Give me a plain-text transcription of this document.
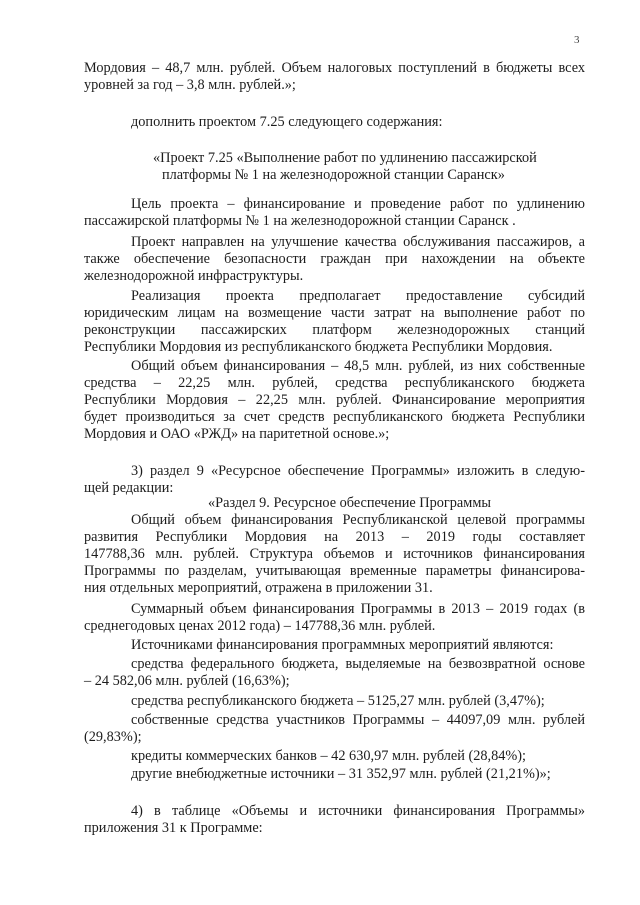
3

Мордовия – 48,7 млн. рублей. Объем налоговых поступлений в бюджеты всех

уровней за год – 3,8 млн. рублей.»;

дополнить проектом 7.25 следующего содержания:

«Проект 7.25 «Выполнение работ по удлинению пассажирской

платформы № 1 на железнодорожной станции Саранск»

Цель проекта – финансирование и проведение работ по удлинению

пассажирской платформы № 1 на железнодорожной станции Саранск .

Проект направлен на улучшение качества обслуживания пассажиров, а

также обеспечение безопасности граждан при нахождении на объекте

железнодорожной инфраструктуры.

Реализация проекта предполагает предоставление субсидий

юридическим лицам на возмещение части затрат на выполнение работ по

реконструкции пассажирских платформ железнодорожных станций

Республики Мордовия из республиканского бюджета Республики Мордовия.

Общий объем финансирования – 48,5 млн. рублей, из них собственные

средства – 22,25 млн. рублей, средства республиканского бюджета

Республики Мордовия – 22,25 млн. рублей. Финансирование мероприятия

будет производиться за счет средств республиканского бюджета Республики

Мордовия и ОАО «РЖД» на паритетной основе.»;

3) раздел 9 «Ресурсное обеспечение Программы» изложить в следую-

щей редакции:

«Раздел 9. Ресурсное обеспечение Программы

Общий объем финансирования Республиканской целевой программы

развития Республики Мордовия на 2013 – 2019 годы составляет

147788,36 млн. рублей. Структура объемов и источников финансирования

Программы по разделам, учитывающая временные параметры финансирова-

ния отдельных мероприятий, отражена в приложении 31.

Суммарный объем финансирования Программы в 2013 – 2019 годах (в

среднегодовых ценах 2012 года) – 147788,36 млн. рублей.

Источниками финансирования программных мероприятий являются:

средства федерального бюджета, выделяемые на безвозвратной основе

– 24 582,06 млн. рублей (16,63%);

средства республиканского бюджета – 5125,27 млн. рублей (3,47%);

собственные средства участников Программы – 44097,09 млн. рублей

(29,83%);

кредиты коммерческих банков – 42 630,97 млн. рублей (28,84%);

другие внебюджетные источники – 31 352,97 млн. рублей (21,21%)»;

4) в таблице «Объемы и источники финансирования Программы»

приложения 31 к Программе:
